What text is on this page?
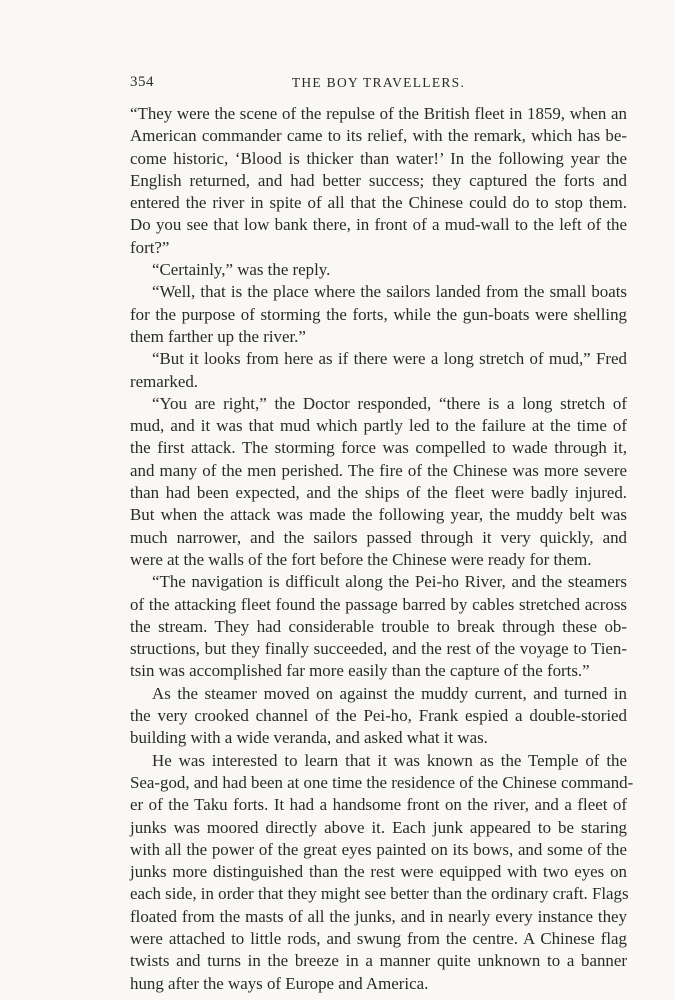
354	THE BOY TRAVELLERS.

“They were the scene of the repulse of the British fleet in 1859, when an
American commander came to its relief, with the remark, which has be-
come historic, ‘Blood is thicker than water!’ In the following year the
English returned, and had better success; they captured the forts and
entered the river in spite of all that the Chinese could do to stop them.
Do you see that low bank there, in front of a mud-wall to the left of the
fort?”

“Certainly,” was the reply.

“Well, that is the place where the sailors landed from the small boats
for the purpose of storming the forts, while the gun-boats were shelling
them farther up the river.”

“But it looks from here as if there were a long stretch of mud,” Fred
remarked.

“You are right,” the Doctor responded, “there is a long stretch of
mud, and it was that mud which partly led to the failure at the time of
the first attack. The storming force was compelled to wade through it,
and many of the men perished. The fire of the Chinese was more severe
than had been expected, and the ships of the fleet were badly injured.
But when the attack was made the following year, the muddy belt was
much narrower, and the sailors passed through it very quickly, and
were at the walls of the fort before the Chinese were ready for them.

“The navigation is difficult along the Pei-ho River, and the steamers
of the attacking fleet found the passage barred by cables stretched across
the stream. They had considerable trouble to break through these ob-
structions, but they finally succeeded, and the rest of the voyage to Tien-
tsin was accomplished far more easily than the capture of the forts.”

As the steamer moved on against the muddy current, and turned in
the very crooked channel of the Pei-ho, Frank espied a double-storied
building with a wide veranda, and asked what it was.

He was interested to learn that it was known as the Temple of the
Sea-god, and had been at one time the residence of the Chinese command-
er of the Taku forts. It had a handsome front on the river, and a fleet of
junks was moored directly above it. Each junk appeared to be staring
with all the power of the great eyes painted on its bows, and some of the
junks more distinguished than the rest were equipped with two eyes on
each side, in order that they might see better than the ordinary craft. Flags
floated from the masts of all the junks, and in nearly every instance they
were attached to little rods, and swung from the centre. A Chinese flag
twists and turns in the breeze in a manner quite unknown to a banner
hung after the ways of Europe and America.
